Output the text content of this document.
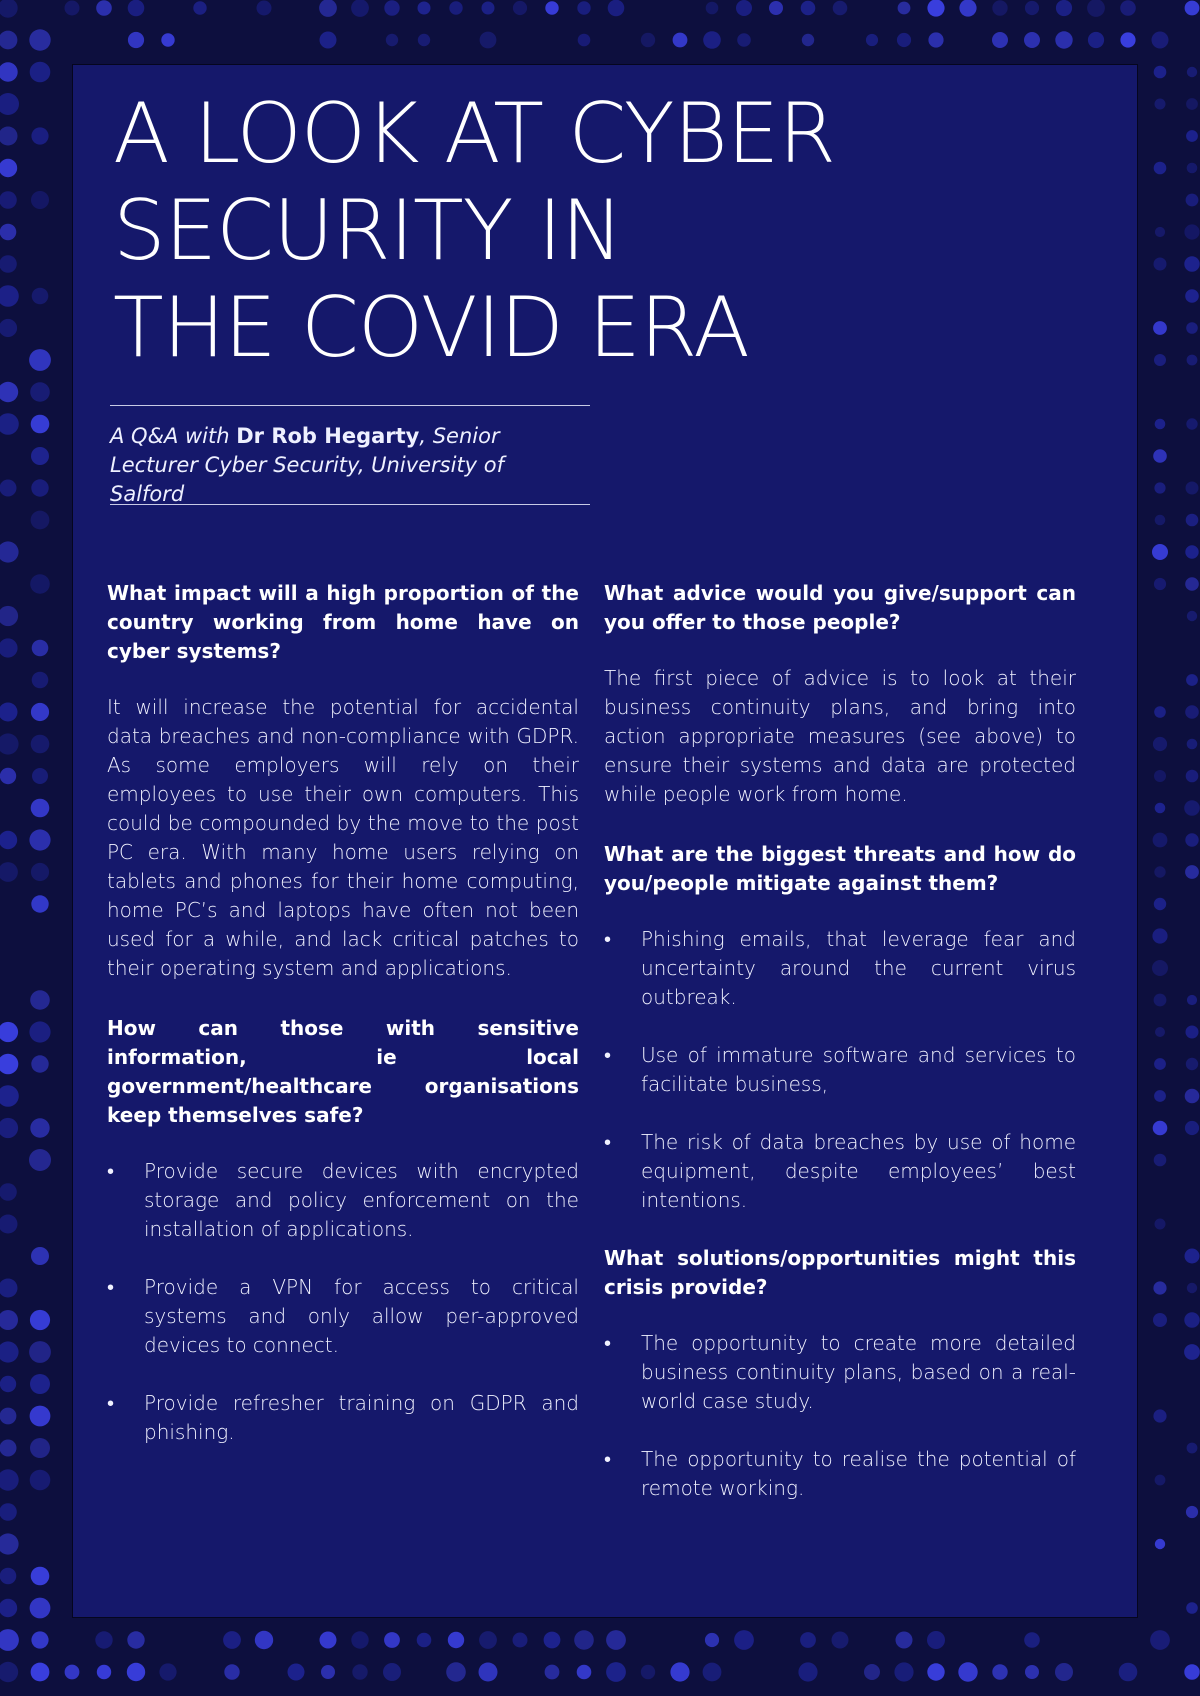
A LOOK AT CYBER
SECURITY IN
THE COVID ERA

A Q&A with Dr Rob Hegarty, Senior Lecturer Cyber Security, University of Salford

What impact will a high proportion of the country working from home have on cyber systems?

It will increase the potential for accidental data breaches and non-compliance with GDPR. As some employers will rely on their employees to use their own computers. This could be compounded by the move to the post PC era. With many home users relying on tablets and phones for their home computing, home PC’s and laptops have often not been used for a while, and lack critical patches to their operating system and applications.

How can those with sensitive information, ie local government/healthcare organisations keep themselves safe?

•	Provide secure devices with encrypted storage and policy enforcement on the installation of applications.
•	Provide a VPN for access to critical systems and only allow per-approved devices to connect.
•	Provide refresher training on GDPR and phishing.

What advice would you give/support can you offer to those people?

The first piece of advice is to look at their business continuity plans, and bring into action appropriate measures (see above) to ensure their systems and data are protected while people work from home.

What are the biggest threats and how do you/people mitigate against them?

•	Phishing emails, that leverage fear and uncertainty around the current virus outbreak.
•	Use of immature software and services to facilitate business,
•	The risk of data breaches by use of home equipment, despite employees’ best intentions.

What solutions/opportunities might this crisis provide?

•	The opportunity to create more detailed business continuity plans, based on a real-world case study.
•	The opportunity to realise the potential of remote working.
